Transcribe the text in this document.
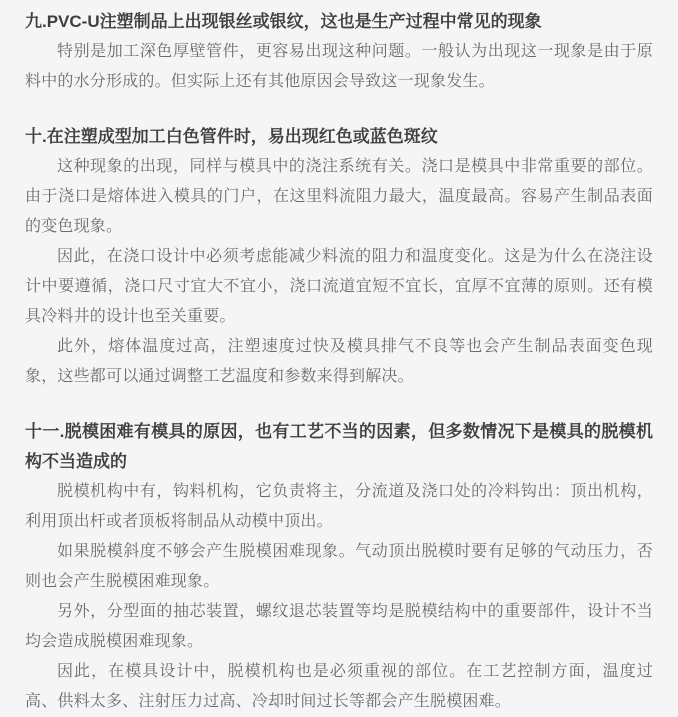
九.PVC-U注塑制品上出现银丝或银纹，这也是生产过程中常见的现象

特别是加工深色厚壁管件，更容易出现这种问题。一般认为出现这一现象是由于原料中的水分形成的。但实际上还有其他原因会导致这一现象发生。

十.在注塑成型加工白色管件时，易出现红色或蓝色斑纹

这种现象的出现，同样与模具中的浇注系统有关。浇口是模具中非常重要的部位。由于浇口是熔体进入模具的门户，在这里料流阻力最大，温度最高。容易产生制品表面的变色现象。

因此，在浇口设计中必须考虑能减少料流的阻力和温度变化。这是为什么在浇注设计中要遵循，浇口尺寸宜大不宜小，浇口流道宜短不宜长，宜厚不宜薄的原则。还有模具冷料井的设计也至关重要。

此外，熔体温度过高，注塑速度过快及模具排气不良等也会产生制品表面变色现象，这些都可以通过调整工艺温度和参数来得到解决。

十一.脱模困难有模具的原因，也有工艺不当的因素，但多数情况下是模具的脱模机构不当造成的

脱模机构中有，钩料机构，它负责将主，分流道及浇口处的冷料钩出：顶出机构，利用顶出杆或者顶板将制品从动模中顶出。

如果脱模斜度不够会产生脱模困难现象。气动顶出脱模时要有足够的气动压力，否则也会产生脱模困难现象。

另外，分型面的抽芯装置，螺纹退芯装置等均是脱模结构中的重要部件，设计不当均会造成脱模困难现象。

因此，在模具设计中，脱模机构也是必须重视的部位。在工艺控制方面，温度过高、供料太多、注射压力过高、冷却时间过长等都会产生脱模困难。
